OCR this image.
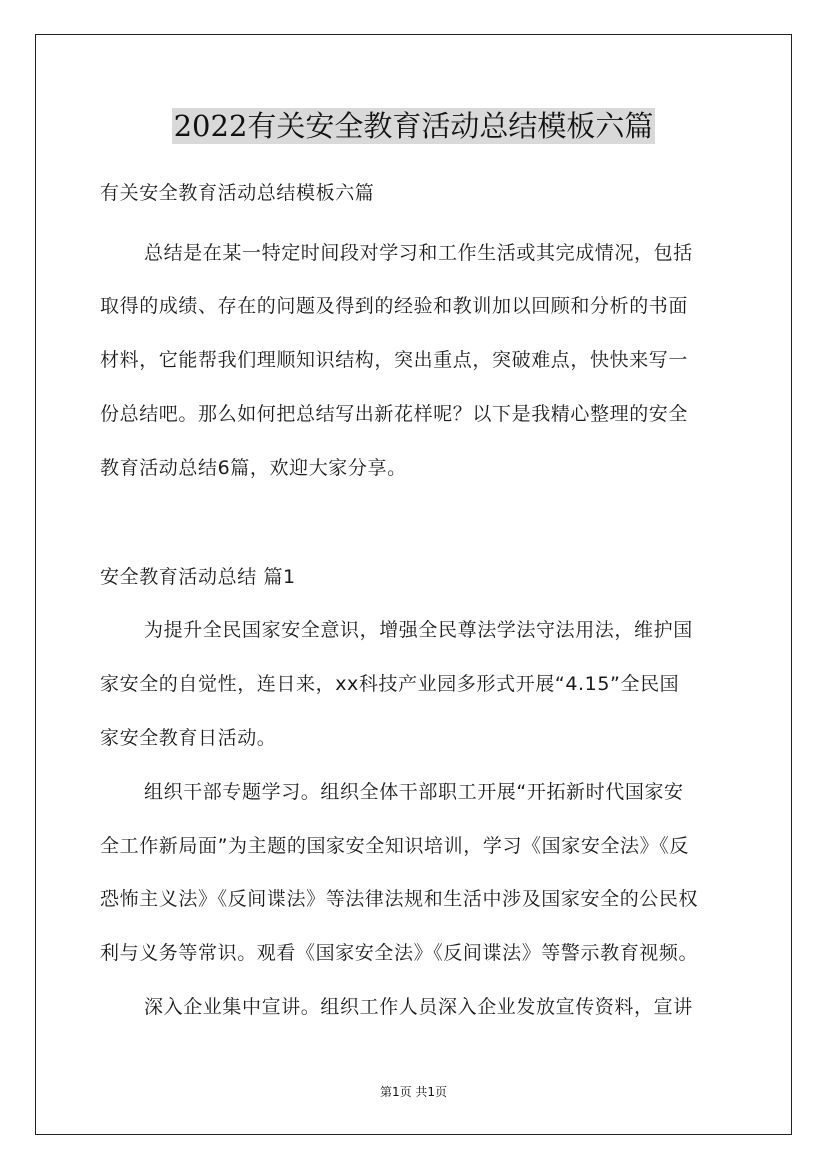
2022有关安全教育活动总结模板六篇
有关安全教育活动总结模板六篇
总结是在某一特定时间段对学习和工作生活或其完成情况，包括
取得的成绩、存在的问题及得到的经验和教训加以回顾和分析的书面
材料，它能帮我们理顺知识结构，突出重点，突破难点，快快来写一
份总结吧。那么如何把总结写出新花样呢？以下是我精心整理的安全
教育活动总结6篇，欢迎大家分享。
安全教育活动总结 篇1
为提升全民国家安全意识，增强全民尊法学法守法用法，维护国
家安全的自觉性，连日来，xx科技产业园多形式开展“4.15”全民国
家安全教育日活动。
组织干部专题学习。组织全体干部职工开展“开拓新时代国家安
全工作新局面”为主题的国家安全知识培训，学习《国家安全法》《反
恐怖主义法》《反间谍法》等法律法规和生活中涉及国家安全的公民权
利与义务等常识。观看《国家安全法》《反间谍法》等警示教育视频。
深入企业集中宣讲。组织工作人员深入企业发放宣传资料，宣讲
第1页 共1页
